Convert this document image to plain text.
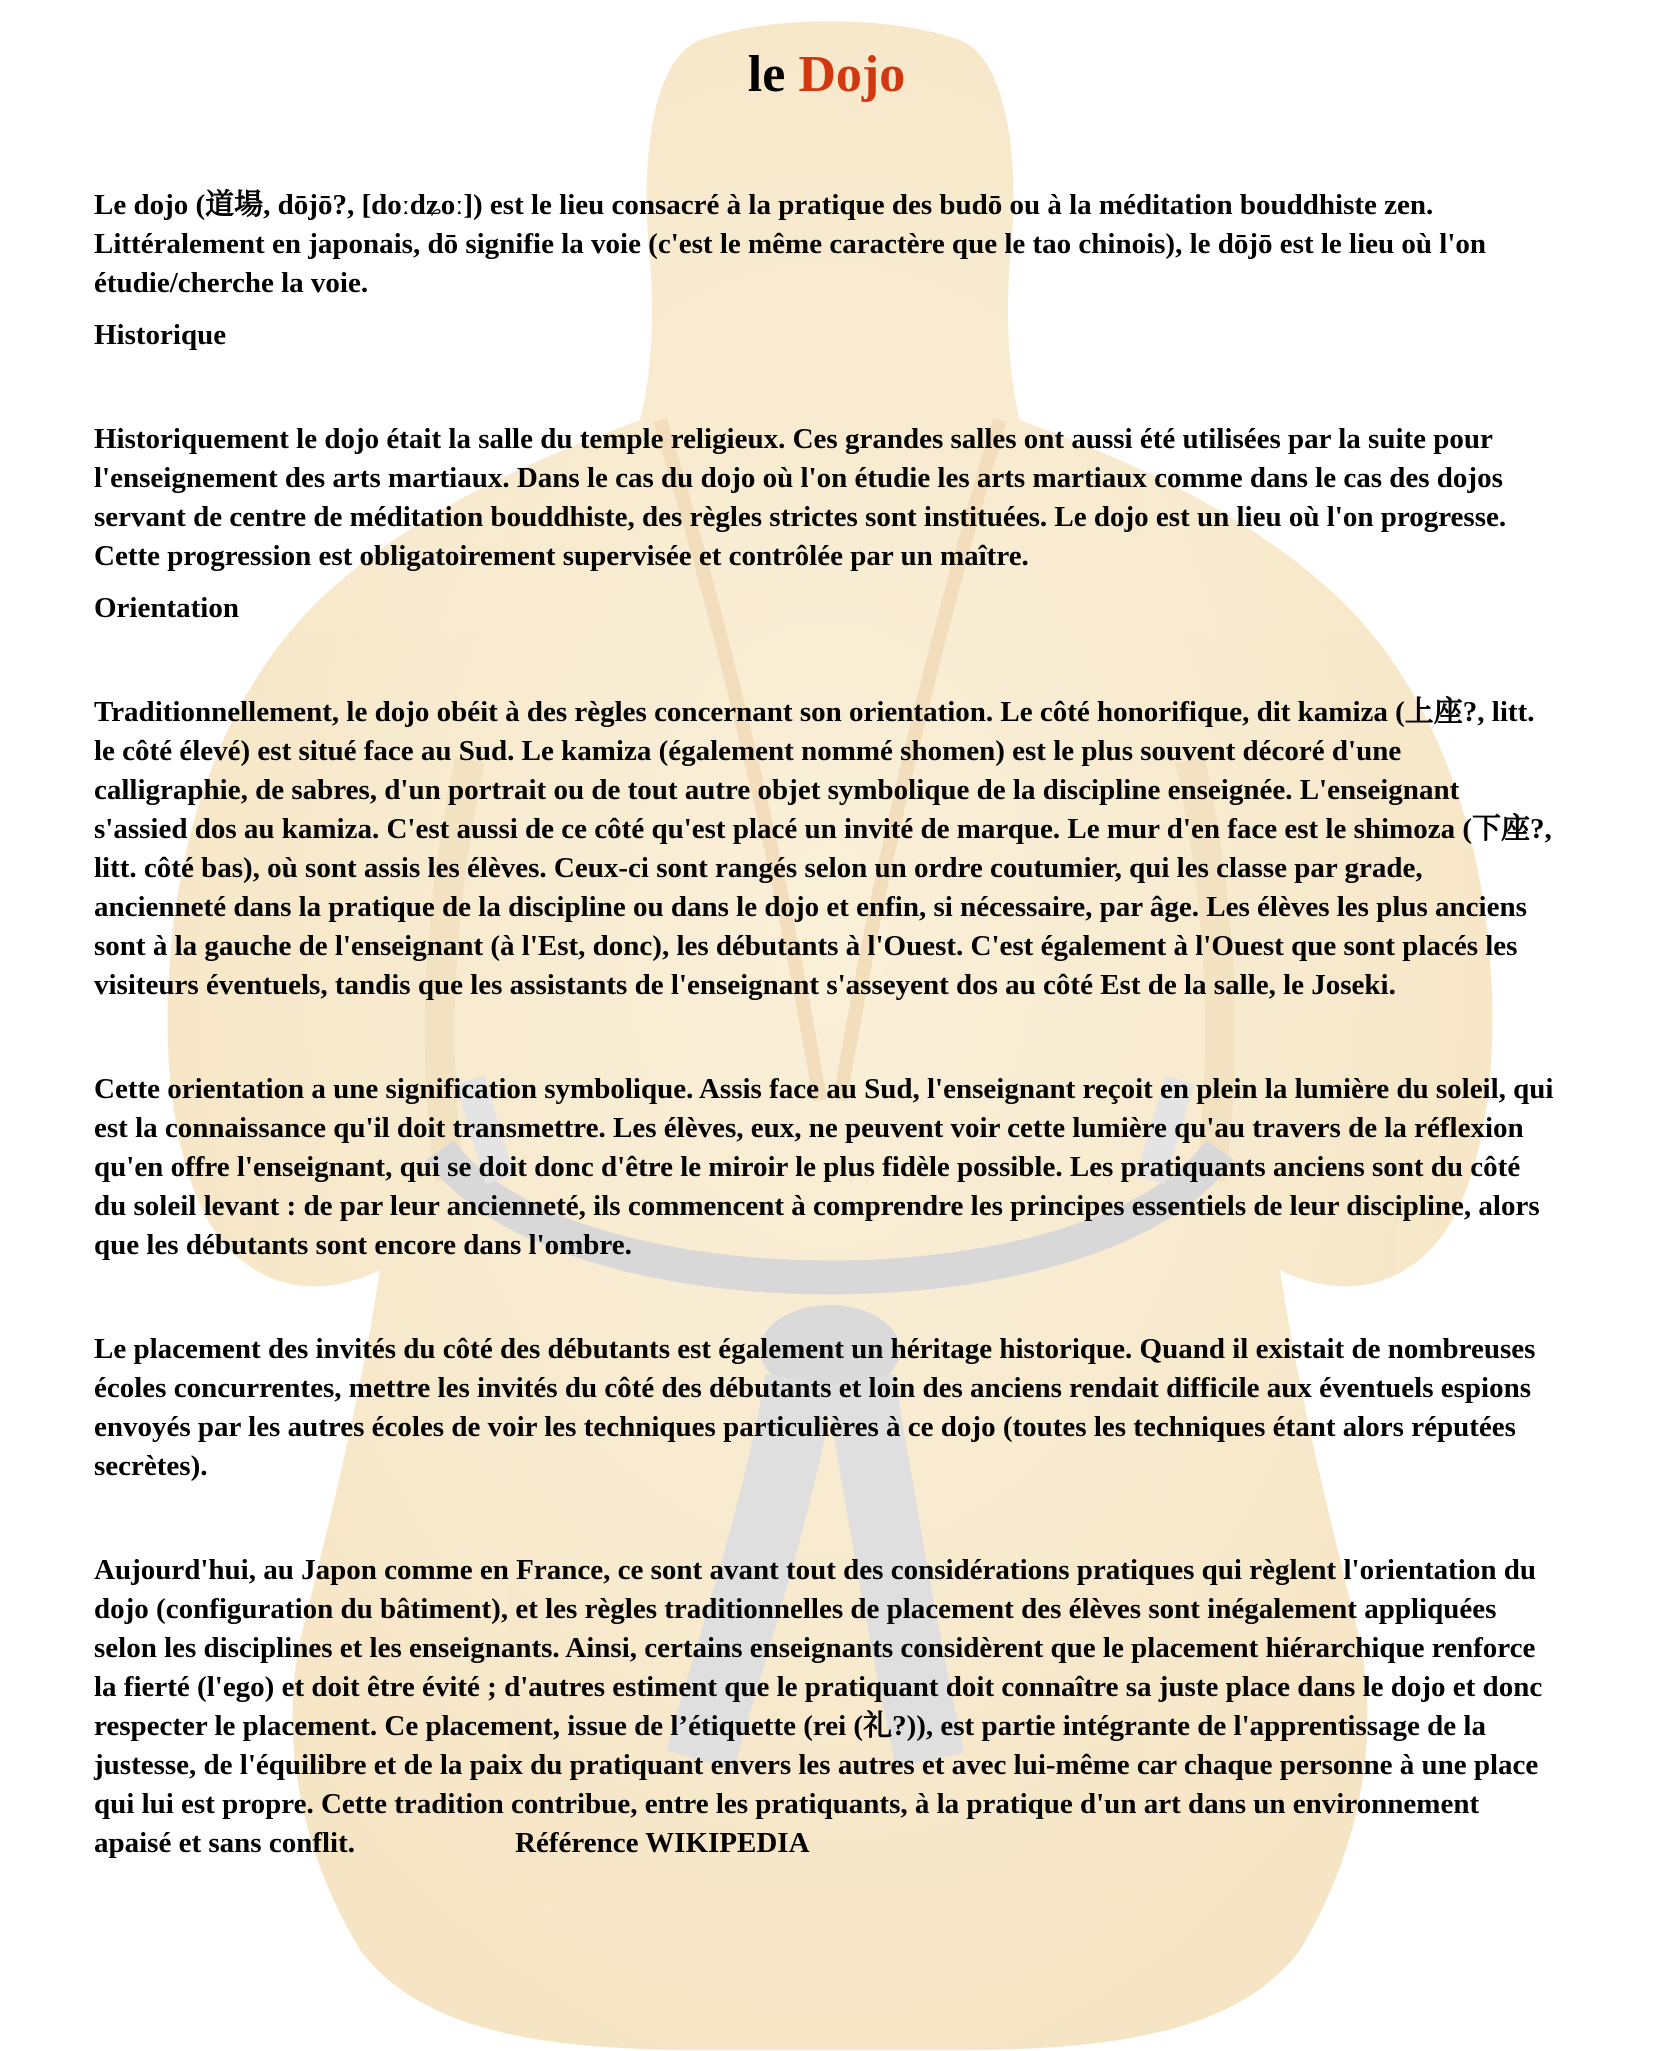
le Dojo

Le dojo (道場, dōjō?, [doːdʑoː]) est le lieu consacré à la pratique des budō ou à la méditation bouddhiste zen. Littéralement en japonais, dō signifie la voie (c'est le même caractère que le tao chinois), le dōjō est le lieu où l'on étudie/cherche la voie.

Historique

Historiquement le dojo était la salle du temple religieux. Ces grandes salles ont aussi été utilisées par la suite pour l'enseignement des arts martiaux. Dans le cas du dojo où l'on étudie les arts martiaux comme dans le cas des dojos servant de centre de méditation bouddhiste, des règles strictes sont instituées. Le dojo est un lieu où l'on progresse. Cette progression est obligatoirement supervisée et contrôlée par un maître.

Orientation

Traditionnellement, le dojo obéit à des règles concernant son orientation. Le côté honorifique, dit kamiza (上座?, litt. le côté élevé) est situé face au Sud. Le kamiza (également nommé shomen) est le plus souvent décoré d'une calligraphie, de sabres, d'un portrait ou de tout autre objet symbolique de la discipline enseignée. L'enseignant s'assied dos au kamiza. C'est aussi de ce côté qu'est placé un invité de marque. Le mur d'en face est le shimoza (下座?, litt. côté bas), où sont assis les élèves. Ceux-ci sont rangés selon un ordre coutumier, qui les classe par grade, ancienneté dans la pratique de la discipline ou dans le dojo et enfin, si nécessaire, par âge. Les élèves les plus anciens sont à la gauche de l'enseignant (à l'Est, donc), les débutants à l'Ouest. C'est également à l'Ouest que sont placés les visiteurs éventuels, tandis que les assistants de l'enseignant s'asseyent dos au côté Est de la salle, le Joseki.

Cette orientation a une signification symbolique. Assis face au Sud, l'enseignant reçoit en plein la lumière du soleil, qui est la connaissance qu'il doit transmettre. Les élèves, eux, ne peuvent voir cette lumière qu'au travers de la réflexion qu'en offre l'enseignant, qui se doit donc d'être le miroir le plus fidèle possible. Les pratiquants anciens sont du côté du soleil levant : de par leur ancienneté, ils commencent à comprendre les principes essentiels de leur discipline, alors que les débutants sont encore dans l'ombre.

Le placement des invités du côté des débutants est également un héritage historique. Quand il existait de nombreuses écoles concurrentes, mettre les invités du côté des débutants et loin des anciens rendait difficile aux éventuels espions envoyés par les autres écoles de voir les techniques particulières à ce dojo (toutes les techniques étant alors réputées secrètes).

Aujourd'hui, au Japon comme en France, ce sont avant tout des considérations pratiques qui règlent l'orientation du dojo (configuration du bâtiment), et les règles traditionnelles de placement des élèves sont inégalement appliquées selon les disciplines et les enseignants. Ainsi, certains enseignants considèrent que le placement hiérarchique renforce la fierté (l'ego) et doit être évité ; d'autres estiment que le pratiquant doit connaître sa juste place dans le dojo et donc respecter le placement. Ce placement, issue de l’étiquette (rei (礼?)), est partie intégrante de l'apprentissage de la justesse, de l'équilibre et de la paix du pratiquant envers les autres et avec lui-même car chaque personne à une place qui lui est propre. Cette tradition contribue, entre les pratiquants, à la pratique d'un art dans un environnement apaisé et sans conflit.	Référence WIKIPEDIA
